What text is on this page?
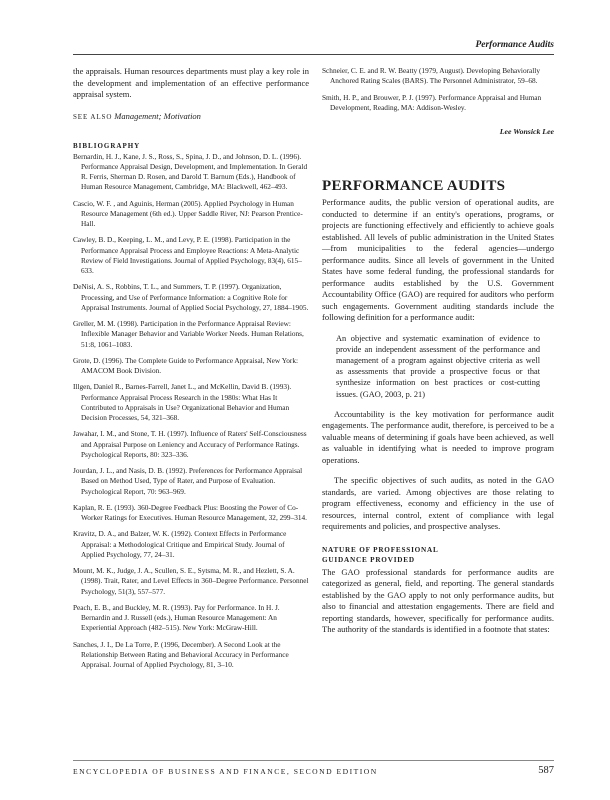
Performance Audits

the appraisals. Human resources departments must play a key role in the development and implementation of an effective performance appraisal system.

SEE ALSO Management; Motivation

BIBLIOGRAPHY

Bernardin, H. J., Kane, J. S., Ross, S., Spina, J. D., and Johnson, D. L. (1996). Performance Appraisal Design, Development, and Implementation. In Gerald R. Ferris, Sherman D. Rosen, and Darold T. Barnum (Eds.), Handbook of Human Resource Management, Cambridge, MA: Blackwell, 462–493.

Cascio, W. F. , and Aguinis, Herman (2005). Applied Psychology in Human Resource Management (6th ed.). Upper Saddle River, NJ: Pearson Prentice-Hall.

Cawley, B. D., Keeping, L. M., and Levy, P. E. (1998). Participation in the Performance Appraisal Process and Employee Reactions: A Meta-Analytic Review of Field Investigations. Journal of Applied Psychology, 83(4), 615–633.

DeNisi, A. S., Robbins, T. L., and Summers, T. P. (1997). Organization, Processing, and Use of Performance Information: a Cognitive Role for Appraisal Instruments. Journal of Applied Social Psychology, 27, 1884–1905.

Greller, M. M. (1998). Participation in the Performance Appraisal Review: Inflexible Manager Behavior and Variable Worker Needs. Human Relations, 51:8, 1061–1083.

Grote, D. (1996). The Complete Guide to Performance Appraisal, New York: AMACOM Book Division.

Illgen, Daniel R., Barnes-Farrell, Janet L., and McKellin, David B. (1993). Performance Appraisal Process Research in the 1980s: What Has It Contributed to Appraisals in Use? Organizational Behavior and Human Decision Processes, 54, 321–368.

Jawahar, I. M., and Stone, T. H. (1997). Influence of Raters' Self-Consciousness and Appraisal Purpose on Leniency and Accuracy of Performance Ratings. Psychological Reports, 80: 323–336.

Jourdan, J. L., and Nasis, D. B. (1992). Preferences for Performance Appraisal Based on Method Used, Type of Rater, and Purpose of Evaluation. Psychological Report, 70: 963–969.

Kaplan, R. E. (1993). 360-Degree Feedback Plus: Boosting the Power of Co-Worker Ratings for Executives. Human Resource Management, 32, 299–314.

Kravitz, D. A., and Balzer, W. K. (1992). Context Effects in Performance Appraisal: a Methodological Critique and Empirical Study. Journal of Applied Psychology, 77, 24–31.

Mount, M. K., Judge, J. A., Scullen, S. E., Sytsma, M. R., and Hezlett, S. A. (1998). Trait, Rater, and Level Effects in 360–Degree Performance. Personnel Psychology, 51(3), 557–577.

Peach, E. B., and Buckley, M. R. (1993). Pay for Performance. In H. J. Bernardin and J. Russell (eds.), Human Resource Management: An Experiential Approach (482–515). New York: McGraw-Hill.

Sanches, J. I., De La Torre, P. (1996, December). A Second Look at the Relationship Between Rating and Behavioral Accuracy in Performance Appraisal. Journal of Applied Psychology, 81, 3–10.

Schneier, C. E. and R. W. Beatty (1979, August). Developing Behaviorally Anchored Rating Scales (BARS). The Personnel Administrator, 59–68.

Smith, H. P., and Brouwer, P. J. (1997). Performance Appraisal and Human Development, Reading, MA: Addison-Wesley.

Lee Wonsick Lee

PERFORMANCE AUDITS

Performance audits, the public version of operational audits, are conducted to determine if an entity's operations, programs, or projects are functioning effectively and efficiently to achieve goals established. All levels of public administration in the United States—from municipalities to the federal agencies—undergo performance audits. Since all levels of government in the United States have some federal funding, the professional standards for performance audits established by the U.S. Government Accountability Office (GAO) are required for auditors who perform such engagements. Government auditing standards include the following definition for a performance audit:

An objective and systematic examination of evidence to provide an independent assessment of the performance and management of a program against objective criteria as well as assessments that provide a prospective focus or that synthesize information on best practices or cost-cutting issues. (GAO, 2003, p. 21)

Accountability is the key motivation for performance audit engagements. The performance audit, therefore, is perceived to be a valuable means of determining if goals have been achieved, as well as valuable in identifying what is needed to improve program operations.

The specific objectives of such audits, as noted in the GAO standards, are varied. Among objectives are those relating to program effectiveness, economy and efficiency in the use of resources, internal control, extent of compliance with legal requirements and policies, and prospective analyses.

NATURE OF PROFESSIONAL
GUIDANCE PROVIDED

The GAO professional standards for performance audits are categorized as general, field, and reporting. The general standards established by the GAO apply to not only performance audits, but also to financial and attestation engagements. There are field and reporting standards, however, specifically for performance audits. The authority of the standards is identified in a footnote that states:

ENCYCLOPEDIA OF BUSINESS AND FINANCE, SECOND EDITION	587
